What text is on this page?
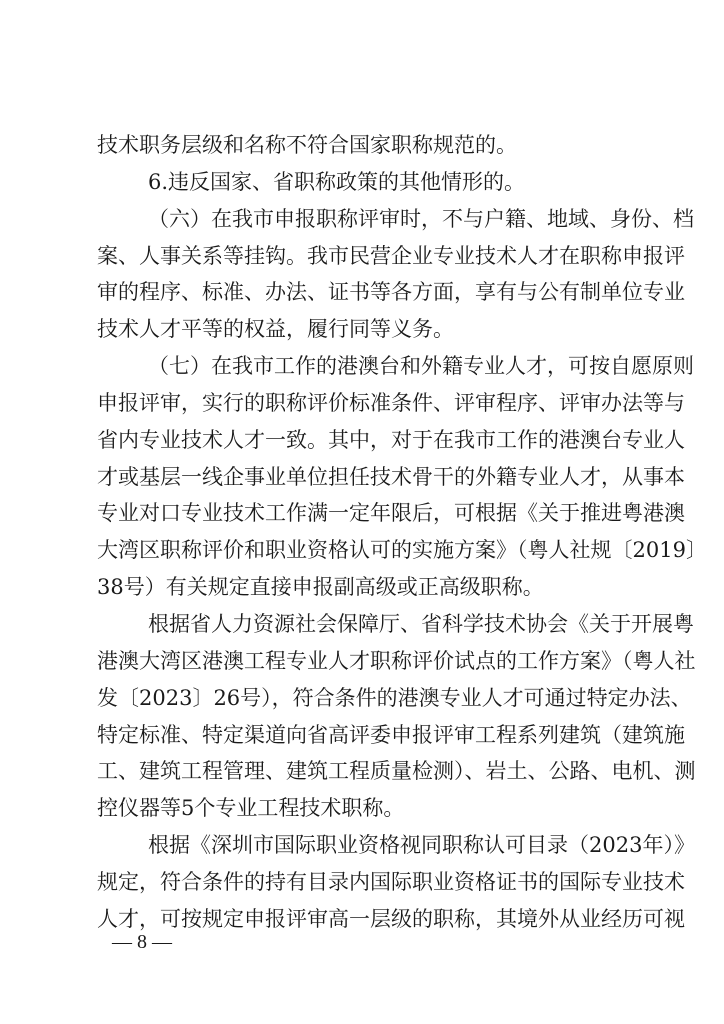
技术职务层级和名称不符合国家职称规范的。
6.违反国家、省职称政策的其他情形的。
（六）在我市申报职称评审时，不与户籍、地域、身份、档
案、人事关系等挂钩。我市民营企业专业技术人才在职称申报评
审的程序、标准、办法、证书等各方面，享有与公有制单位专业
技术人才平等的权益，履行同等义务。
（七）在我市工作的港澳台和外籍专业人才，可按自愿原则
申报评审，实行的职称评价标准条件、评审程序、评审办法等与
省内专业技术人才一致。其中，对于在我市工作的港澳台专业人
才或基层一线企事业单位担任技术骨干的外籍专业人才，从事本
专业对口专业技术工作满一定年限后，可根据《关于推进粤港澳
大湾区职称评价和职业资格认可的实施方案》（粤人社规〔2019〕
38号）有关规定直接申报副高级或正高级职称。
根据省人力资源社会保障厅、省科学技术协会《关于开展粤
港澳大湾区港澳工程专业人才职称评价试点的工作方案》（粤人社
发〔2023〕26号），符合条件的港澳专业人才可通过特定办法、
特定标准、特定渠道向省高评委申报评审工程系列建筑（建筑施
工、建筑工程管理、建筑工程质量检测）、岩土、公路、电机、测
控仪器等5个专业工程技术职称。
根据《深圳市国际职业资格视同职称认可目录（2023年）》
规定，符合条件的持有目录内国际职业资格证书的国际专业技术
人才，可按规定申报评审高一层级的职称，其境外从业经历可视
— 8 —
